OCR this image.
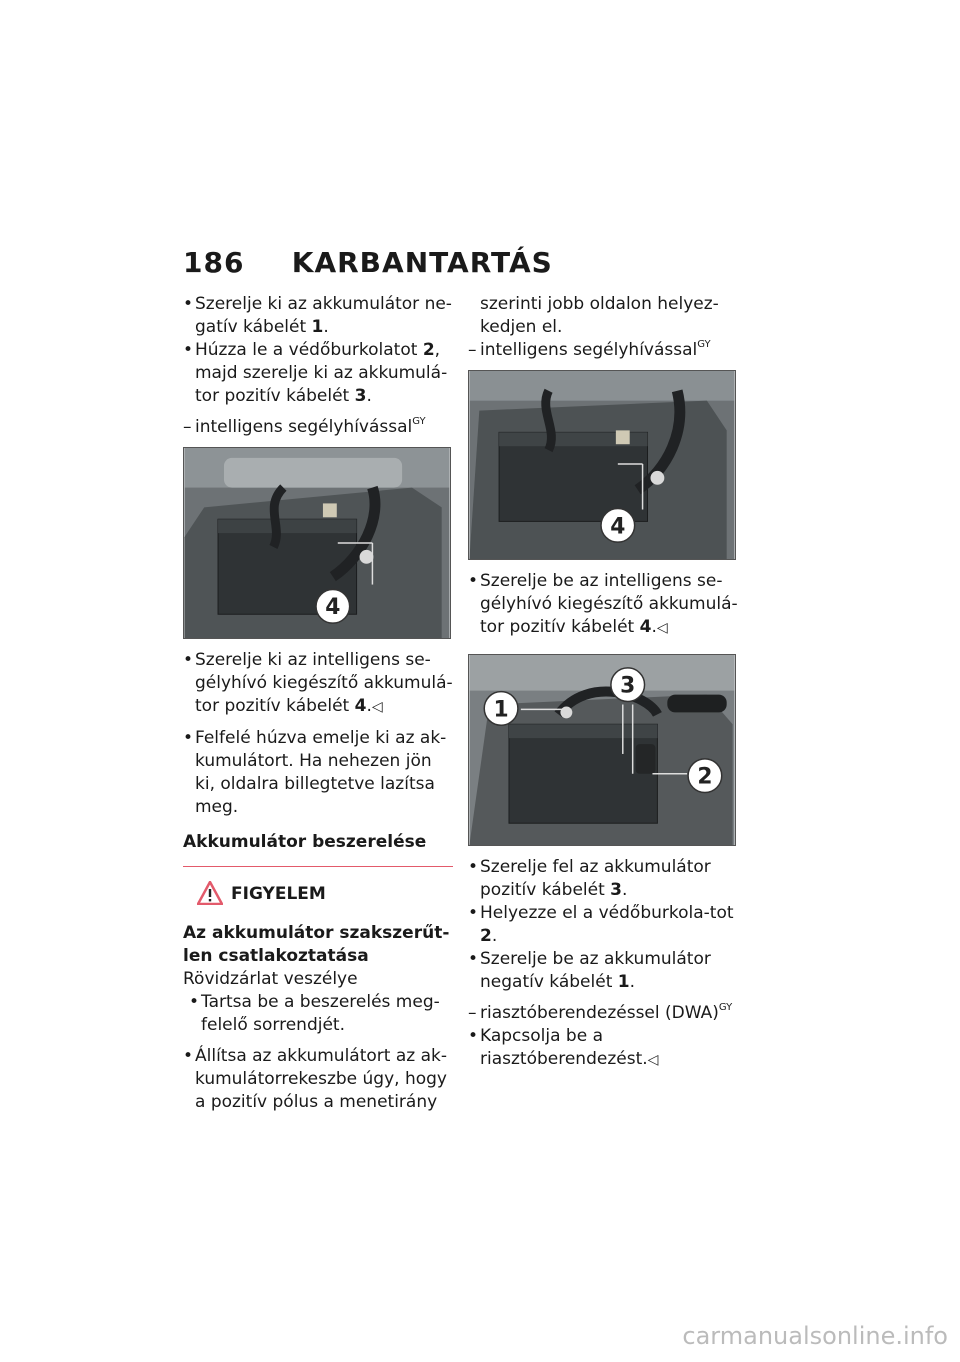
186 KARBANTARTÁS

• Szerelje ki az akkumulátor ne-gatív kábelét 1.

• Húzza le a védőburkolatot 2, majd szerelje ki az akkumulá-tor pozitív kábelét 3.

– intelligens segélyhívással$^{GY}$

4

• Szerelje ki az intelligens se-gélyhívó kiegészítő akkumulá-tor pozitív kábelét 4.◁

• Felfelé húzva emelje ki az ak-kumulátort. Ha nehezen jön ki, oldalra billegtetve lazítsa meg.

Akkumulátor beszerelése

FIGYELEM
Az akkumulátor szakszerűt-len csatlakoztatása
Rövidzárlat veszélye

• Tartsa be a beszerelés meg-felelő sorrendjét.

• Állítsa az akkumulátort az ak-kumulátorrekeszbe úgy, hogy a pozitív pólus a menetirány

szerinti jobb oldalon helyez-kedjen el.

– intelligens segélyhívással$^{GY}$

4

• Szerelje be az intelligens se-gélyhívó kiegészítő akkumulá-tor pozitív kábelét 4.◁

1
3
2

• Szerelje fel az akkumulátor pozitív kábelét 3.

• Helyezze el a védőburkola-tot 2.

• Szerelje be az akkumulátor negatív kábelét 1.

– riasztóberendezéssel (DWA)$^{GY}$

• Kapcsolja be a riasztóberendezést.◁

carmanualsonline.info
